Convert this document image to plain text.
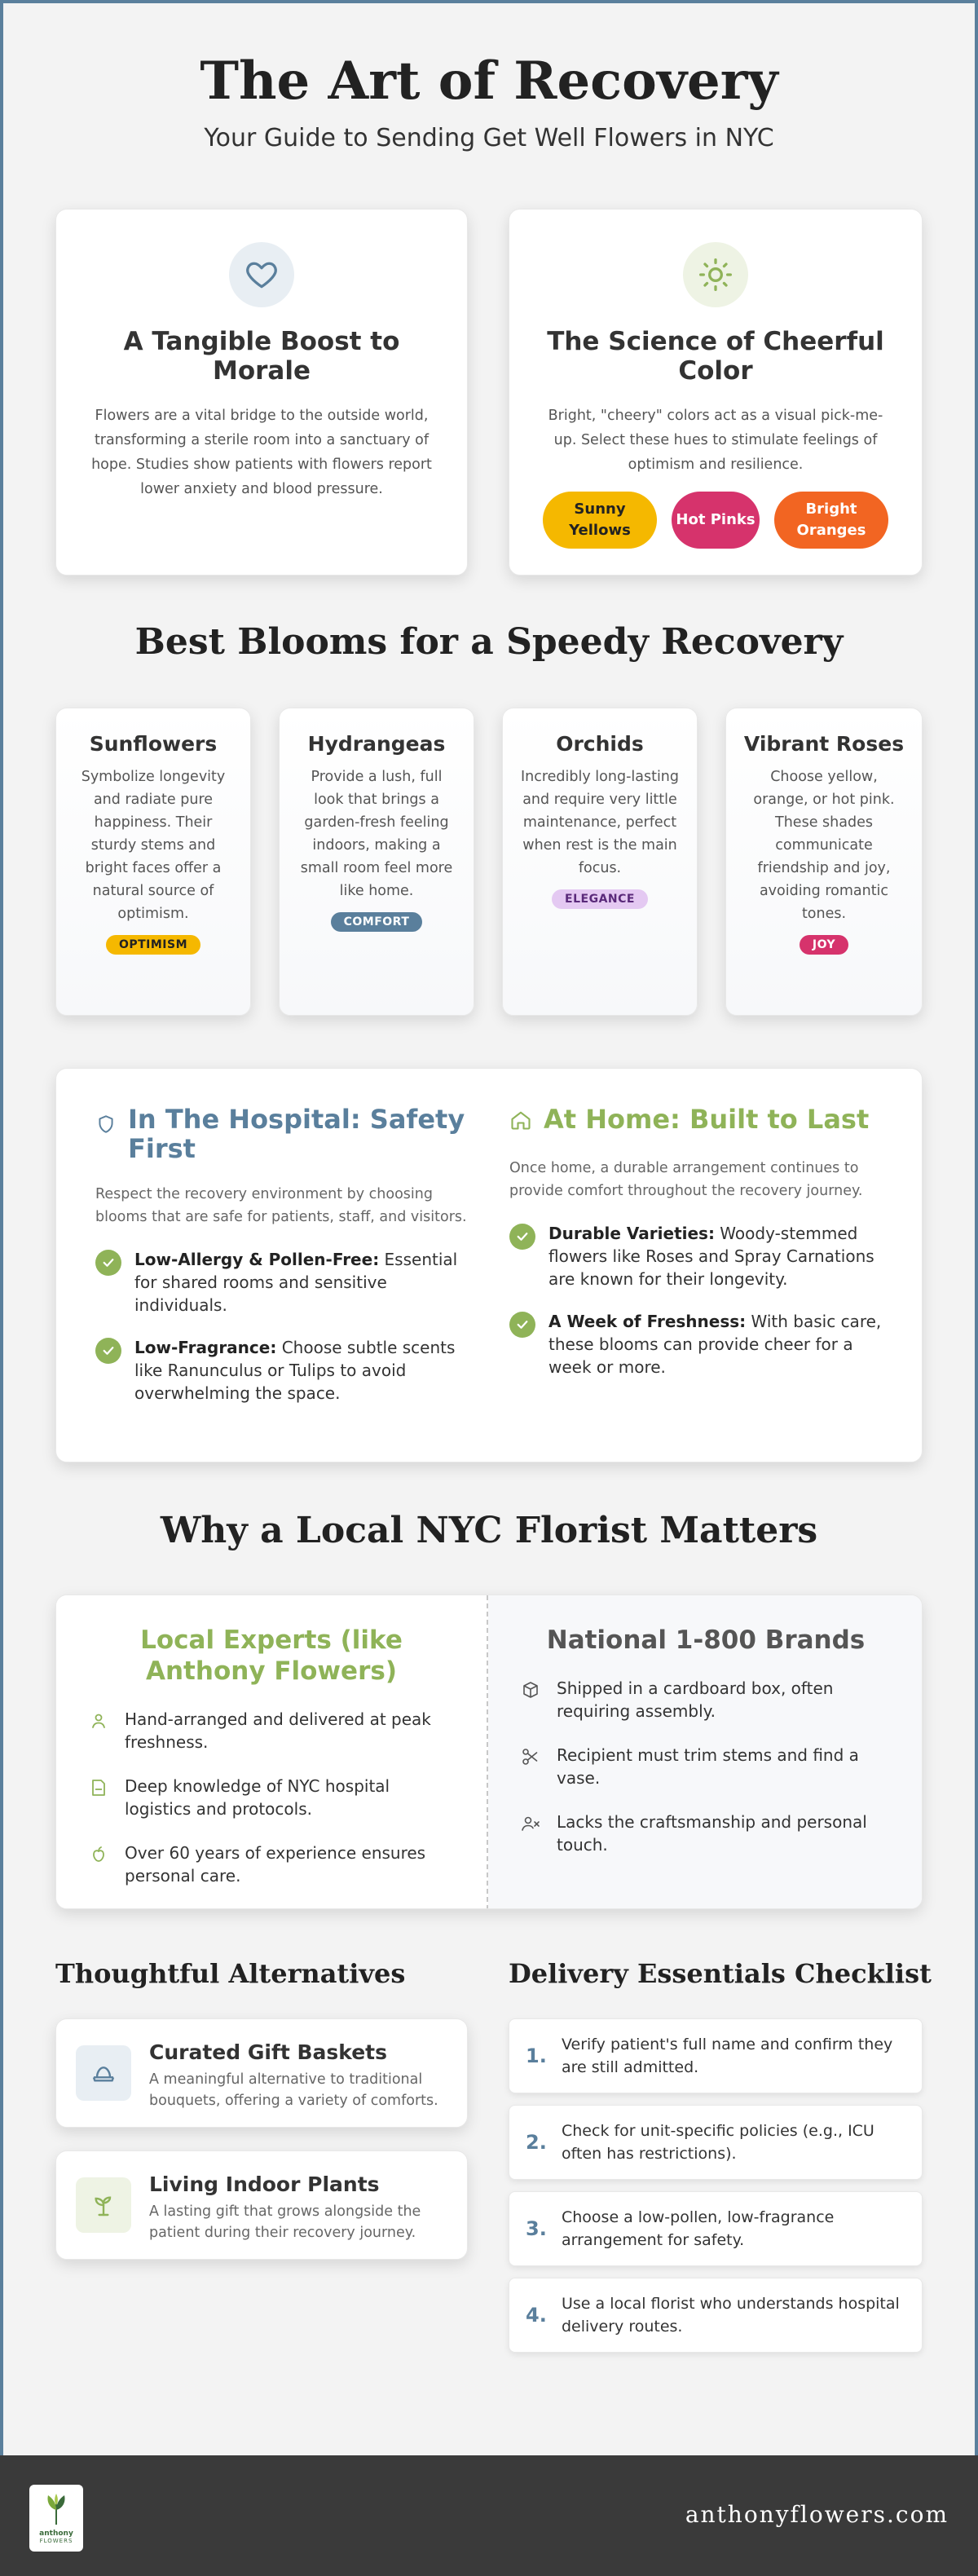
The Art of Recovery
Your Guide to Sending Get Well Flowers in NYC
A Tangible Boost to Morale

Flowers are a vital bridge to the outside world, transforming a sterile room into a sanctuary of hope. Studies show patients with flowers report lower anxiety and blood pressure.

The Science of Cheerful Color

Bright, "cheery" colors act as a visual pick-me-up. Select these hues to stimulate feelings of optimism and resilience.

Sunny Yellows
Hot Pinks
Bright Oranges
Best Blooms for a Speedy Recovery
Sunflowers

Symbolize longevity and radiate pure happiness. Their sturdy stems and bright faces offer a natural source of optimism.

OPTIMISM
Hydrangeas

Provide a lush, full look that brings a garden-fresh feeling indoors, making a small room feel more like home.

COMFORT
Orchids

Incredibly long-lasting and require very little maintenance, perfect when rest is the main focus.

ELEGANCE
Vibrant Roses

Choose yellow, orange, or hot pink. These shades communicate friendship and joy, avoiding romantic tones.

JOY
In The Hospital: Safety First

Respect the recovery environment by choosing blooms that are safe for patients, staff, and visitors.

Low-Allergy & Pollen-Free: Essential for shared rooms and sensitive individuals.
Low-Fragrance: Choose subtle scents like Ranunculus or Tulips to avoid overwhelming the space.
At Home: Built to Last

Once home, a durable arrangement continues to provide comfort throughout the recovery journey.

Durable Varieties: Woody-stemmed flowers like Roses and Spray Carnations are known for their longevity.
A Week of Freshness: With basic care, these blooms can provide cheer for a week or more.
Why a Local NYC Florist Matters
Local Experts (like Anthony Flowers)
Hand-arranged and delivered at peak freshness.
Deep knowledge of NYC hospital logistics and protocols.
Over 60 years of experience ensures personal care.
National 1-800 Brands
Shipped in a cardboard box, often requiring assembly.
Recipient must trim stems and find a vase.
Lacks the craftsmanship and personal touch.
Thoughtful Alternatives
Curated Gift Baskets

A meaningful alternative to traditional bouquets, offering a variety of comforts.

Living Indoor Plants

A lasting gift that grows alongside the patient during their recovery journey.

Delivery Essentials Checklist
1. Verify patient's full name and confirm they are still admitted.
2. Check for unit-specific policies (e.g., ICU often has restrictions).
3. Choose a low-pollen, low-fragrance arrangement for safety.
4. Use a local florist who understands hospital delivery routes.
anthony
FLOWERS
anthonyflowers.com
